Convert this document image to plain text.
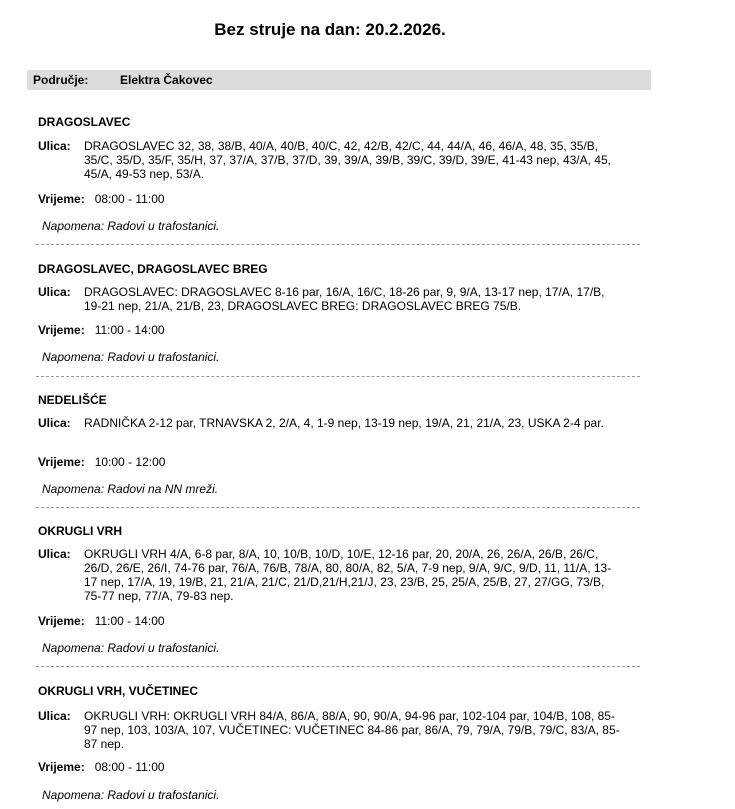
Bez struje na dan: 20.2.2026.
Područje:	Elektra Čakovec
DRAGOSLAVEC
Ulica: DRAGOSLAVEC 32, 38, 38/B, 40/A, 40/B, 40/C, 42, 42/B, 42/C, 44, 44/A, 46, 46/A, 48, 35, 35/B, 35/C, 35/D, 35/F, 35/H, 37, 37/A, 37/B, 37/D, 39, 39/A, 39/B, 39/C, 39/D, 39/E, 41-43 nep, 43/A, 45, 45/A, 49-53 nep, 53/A.
Vrijeme: 08:00 - 11:00
Napomena: Radovi u trafostanici.
DRAGOSLAVEC, DRAGOSLAVEC BREG
Ulica: DRAGOSLAVEC: DRAGOSLAVEC 8-16 par, 16/A, 16/C, 18-26 par, 9, 9/A, 13-17 nep, 17/A, 17/B, 19-21 nep, 21/A, 21/B, 23, DRAGOSLAVEC BREG: DRAGOSLAVEC BREG 75/B.
Vrijeme: 11:00 - 14:00
Napomena: Radovi u trafostanici.
NEDELIŠĆE
Ulica: RADNIČKA 2-12 par, TRNAVSKA 2, 2/A, 4, 1-9 nep, 13-19 nep, 19/A, 21, 21/A, 23, USKA 2-4 par.
Vrijeme: 10:00 - 12:00
Napomena: Radovi na NN mreži.
OKRUGLI VRH
Ulica: OKRUGLI VRH 4/A, 6-8 par, 8/A, 10, 10/B, 10/D, 10/E, 12-16 par, 20, 20/A, 26, 26/A, 26/B, 26/C, 26/D, 26/E, 26/I, 74-76 par, 76/A, 76/B, 78/A, 80, 80/A, 82, 5/A, 7-9 nep, 9/A, 9/C, 9/D, 11, 11/A, 13-17 nep, 17/A, 19, 19/B, 21, 21/A, 21/C, 21/D,21/H,21/J, 23, 23/B, 25, 25/A, 25/B, 27, 27/GG, 73/B, 75-77 nep, 77/A, 79-83 nep.
Vrijeme: 11:00 - 14:00
Napomena: Radovi u trafostanici.
OKRUGLI VRH, VUČETINEC
Ulica: OKRUGLI VRH: OKRUGLI VRH 84/A, 86/A, 88/A, 90, 90/A, 94-96 par, 102-104 par, 104/B, 108, 85-97 nep, 103, 103/A, 107, VUČETINEC: VUČETINEC 84-86 par, 86/A, 79, 79/A, 79/B, 79/C, 83/A, 85-87 nep.
Vrijeme: 08:00 - 11:00
Napomena: Radovi u trafostanici.
